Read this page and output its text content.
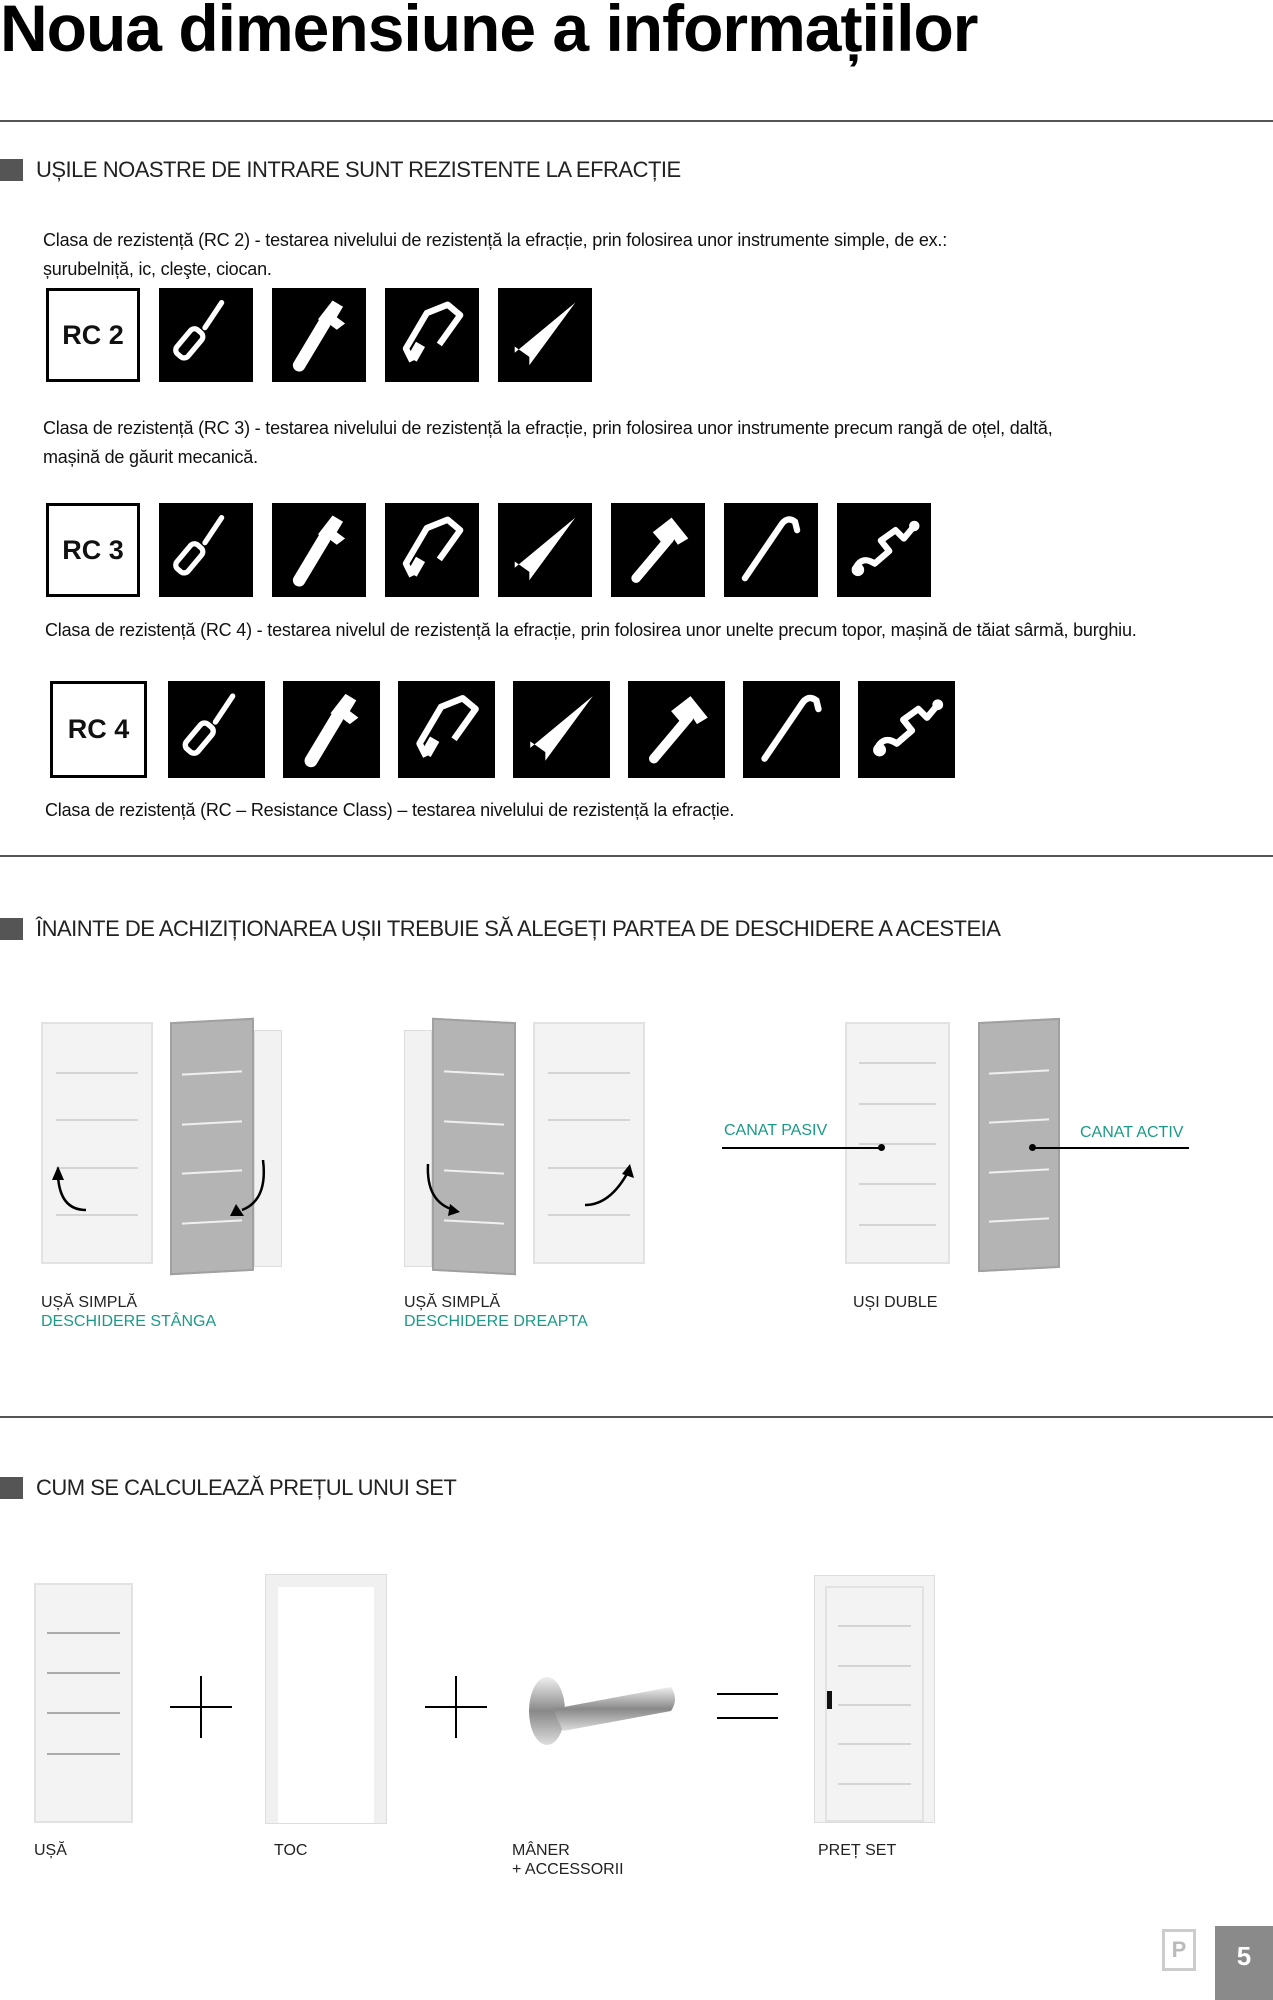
Noua dimensiune a informațiilor
UȘILE NOASTRE DE INTRARE SUNT REZISTENTE LA EFRACȚIE
Clasa de rezistență (RC 2) - testarea nivelului de rezistență la efracție, prin folosirea unor instrumente simple, de ex.:
șurubelniță, ic, cleşte, ciocan.
RC 2
Clasa de rezistență (RC 3) - testarea nivelului de rezistență la efracție, prin folosirea unor instrumente precum rangă de oțel, daltă,
mașină de găurit mecanică.
RC 3
Clasa de rezistență (RC 4) - testarea nivelul de rezistență la efracție, prin folosirea unor unelte precum topor, mașină de tăiat sârmă, burghiu.
RC 4
Clasa de rezistență (RC – Resistance Class) – testarea nivelului de rezistență la efracție.
ÎNAINTE DE ACHIZIȚIONAREA UȘII TREBUIE SĂ ALEGEȚI PARTEA DE DESCHIDERE A ACESTEIA
UȘĂ SIMPLĂ
DESCHIDERE STÂNGA
UȘĂ SIMPLĂ
DESCHIDERE DREAPTA
CANAT PASIV	CANAT ACTIV
UȘI DUBLE
CUM SE CALCULEAZĂ PREȚUL UNUI SET
UȘĂ	TOC	MÂNER
+ ACCESSORII
PREȚ SET
P	5
